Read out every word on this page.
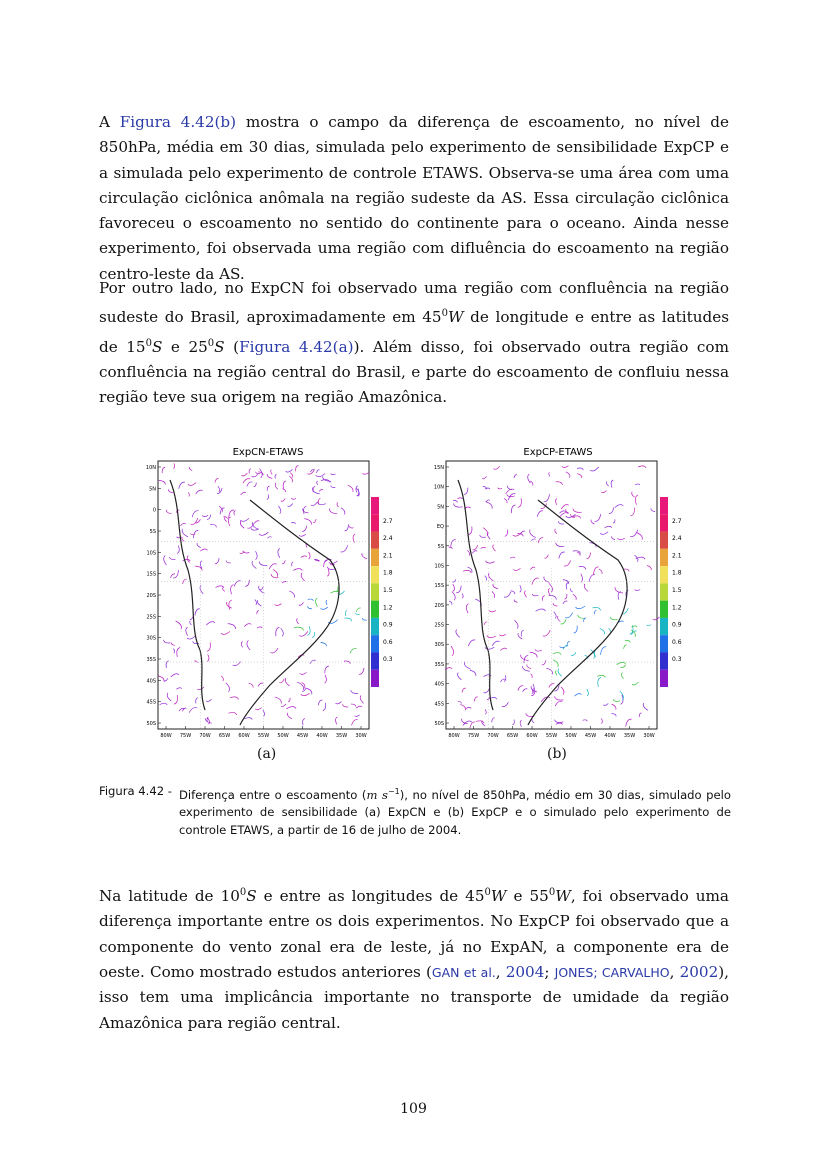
A Figura 4.42(b) mostra o campo da diferença de escoamento, no nível de 850hPa, média em 30 dias, simulada pelo experimento de sensibilidade ExpCP e a simulada pelo experimento de controle ETAWS. Observa-se uma área com uma circulação ciclônica anômala na região sudeste da AS. Essa circulação ciclônica favoreceu o escoamento no sentido do continente para o oceano. Ainda nesse experimento, foi observada uma região com difluência do escoamento na região centro-leste da AS.

Por outro lado, no ExpCN foi observado uma região com confluência na região sudeste do Brasil, aproximadamente em $45^0W$ de longitude e entre as latitudes de $15^0S$ e $25^0S$ (Figura 4.42(a)). Além disso, foi observado outra região com confluência na região central do Brasil, e parte do escoamento de confluiu nessa região teve sua origem na região Amazônica.

ExpCN-ETAWS
10N
5N
0
5S
10S
15S
20S
25S
30S
35S
40S
45S
50S
80W 75W 70W 65W 60W 55W 50W 45W 40W 35W 30W
2.7
2.4
2.1
1.8
1.5
1.2
0.9
0.6
0.3
ExpCP-ETAWS
15N
10N
5N
EQ
5S
10S
15S
20S
25S
30S
35S
40S
45S
50S
80W 75W 70W 65W 60W 55W 50W 45W 40W 35W 30W
2.7
2.4
2.1
1.8
1.5
1.2
0.9
0.6
0.3
(a)	(b)
Figura 4.42 - Diferença entre o escoamento (m $s^{-1}$), no nível de 850hPa, médio em 30 dias, simulado pelo experimento de sensibilidade (a) ExpCN e (b) ExpCP e o simulado pelo experimento de controle ETAWS, a partir de 16 de julho de 2004.

Na latitude de $10^0S$ e entre as longitudes de $45^0W$ e $55^0W$, foi observado uma diferença importante entre os dois experimentos. No ExpCP foi observado que a componente do vento zonal era de leste, já no ExpAN, a componente era de oeste. Como mostrado estudos anteriores (GAN et al., 2004; JONES; CARVALHO, 2002), isso tem uma implicância importante no transporte de umidade da região Amazônica para região central.

109
